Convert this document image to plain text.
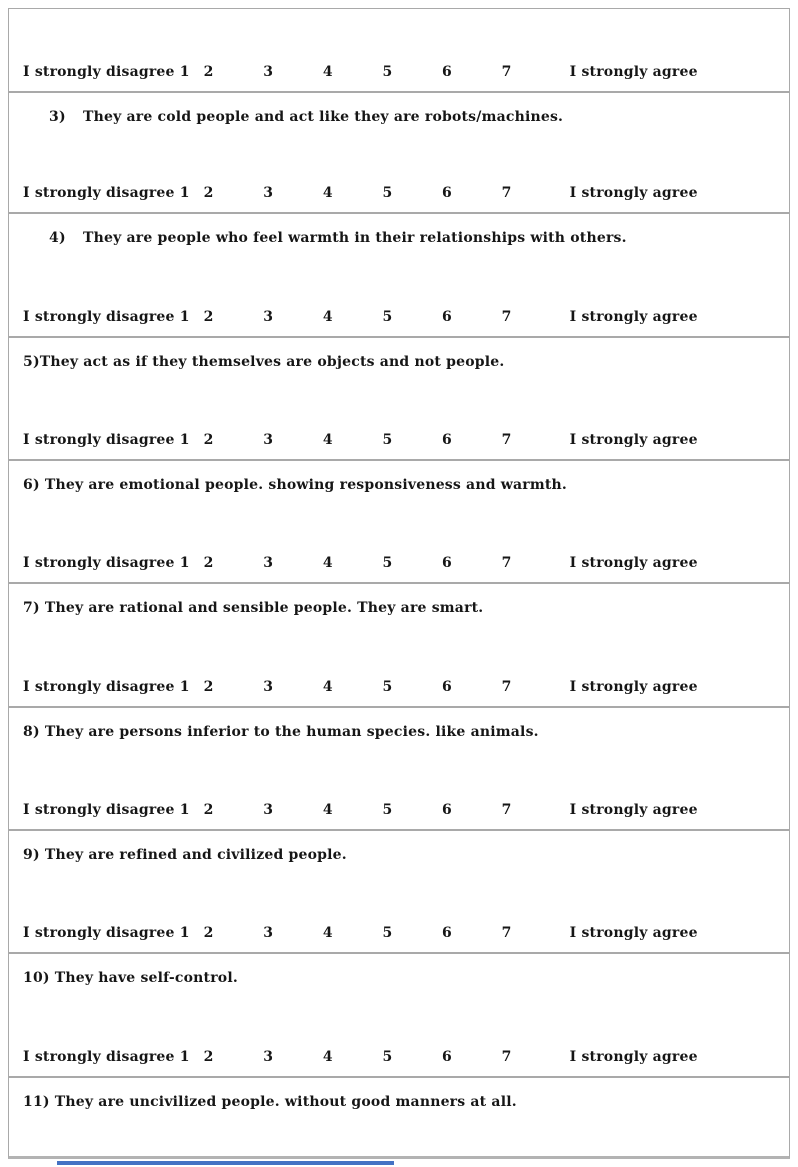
I strongly disagree 1 2	3	4	5	6	7	I strongly agree
3) They are cold people and act like they are robots/machines.
I strongly disagree 1 2	3	4	5	6	7	I strongly agree
4) They are people who feel warmth in their relationships with others.
I strongly disagree 1 2	3	4	5	6	7	I strongly agree
5)They act as if they themselves are objects and not people.
I strongly disagree 1 2	3	4	5	6	7	I strongly agree
6) They are emotional people. showing responsiveness and warmth.
I strongly disagree 1 2	3	4	5	6	7	I strongly agree
7) They are rational and sensible people. They are smart.
I strongly disagree 1 2	3	4	5	6	7	I strongly agree
8) They are persons inferior to the human species. like animals.
I strongly disagree 1 2	3	4	5	6	7	I strongly agree
9) They are refined and civilized people.
I strongly disagree 1 2	3	4	5	6	7	I strongly agree
10) They have self-control.
I strongly disagree 1 2	3	4	5	6	7	I strongly agree
11) They are uncivilized people. without good manners at all.
